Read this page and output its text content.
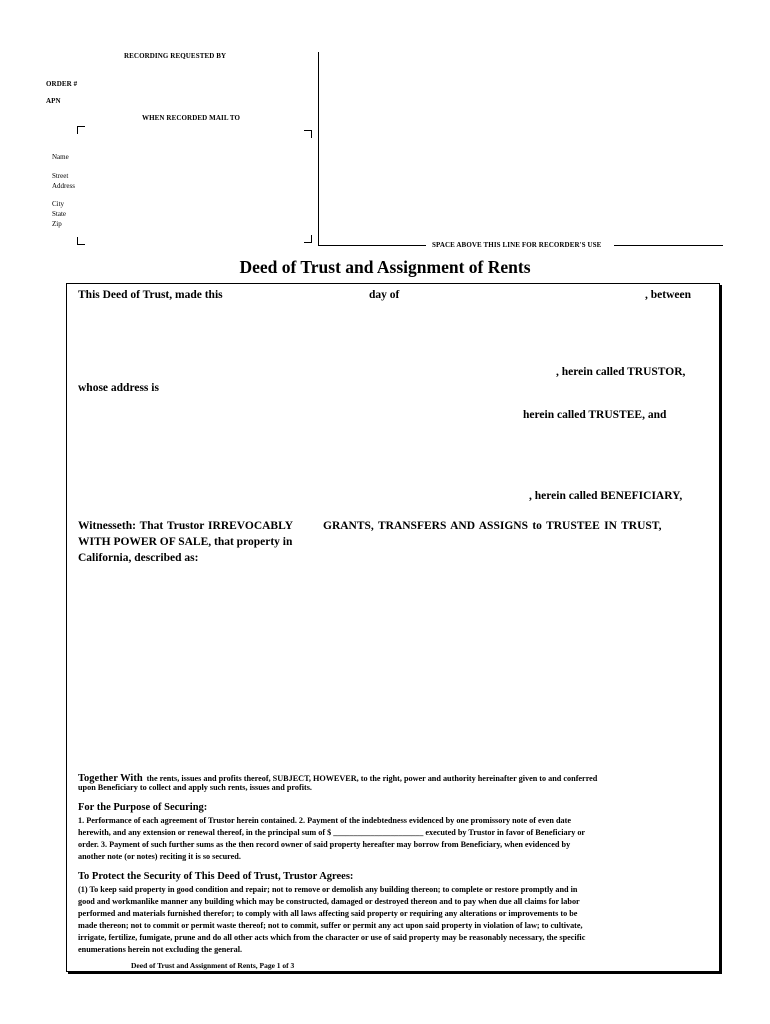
RECORDING REQUESTED BY
ORDER #
APN
WHEN RECORDED MAIL TO
Name
Street
Address
City
State
Zip
SPACE ABOVE THIS LINE FOR RECORDER'S USE
Deed of Trust and Assignment of Rents
This Deed of Trust, made this	day of	, between
, herein called TRUSTOR,
whose address is
herein called TRUSTEE, and
, herein called BENEFICIARY,
Witnesseth: That Trustor IRREVOCABLY	GRANTS, TRANSFERS AND ASSIGNS to TRUSTEE IN TRUST,
WITH POWER OF SALE, that property in
California, described as:
Together With the rents, issues and profits thereof, SUBJECT, HOWEVER, to the right, power and authority hereinafter given to and conferred
upon Beneficiary to collect and apply such rents, issues and profits.
For the Purpose of Securing:
1. Performance of each agreement of Trustor herein contained. 2. Payment of the indebtedness evidenced by one promissory note of even date
herewith, and any extension or renewal thereof, in the principal sum of $ ______________________ executed by Trustor in favor of Beneficiary or
order. 3. Payment of such further sums as the then record owner of said property hereafter may borrow from Beneficiary, when evidenced by
another note (or notes) reciting it is so secured.
To Protect the Security of This Deed of Trust, Trustor Agrees:
(1) To keep said property in good condition and repair; not to remove or demolish any building thereon; to complete or restore promptly and in
good and workmanlike manner any building which may be constructed, damaged or destroyed thereon and to pay when due all claims for labor
performed and materials furnished therefor; to comply with all laws affecting said property or requiring any alterations or improvements to be
made thereon; not to commit or permit waste thereof; not to commit, suffer or permit any act upon said property in violation of law; to cultivate,
irrigate, fertilize, fumigate, prune and do all other acts which from the character or use of said property may be reasonably necessary, the specific
enumerations herein not excluding the general.
Deed of Trust and Assignment of Rents, Page 1 of 3
